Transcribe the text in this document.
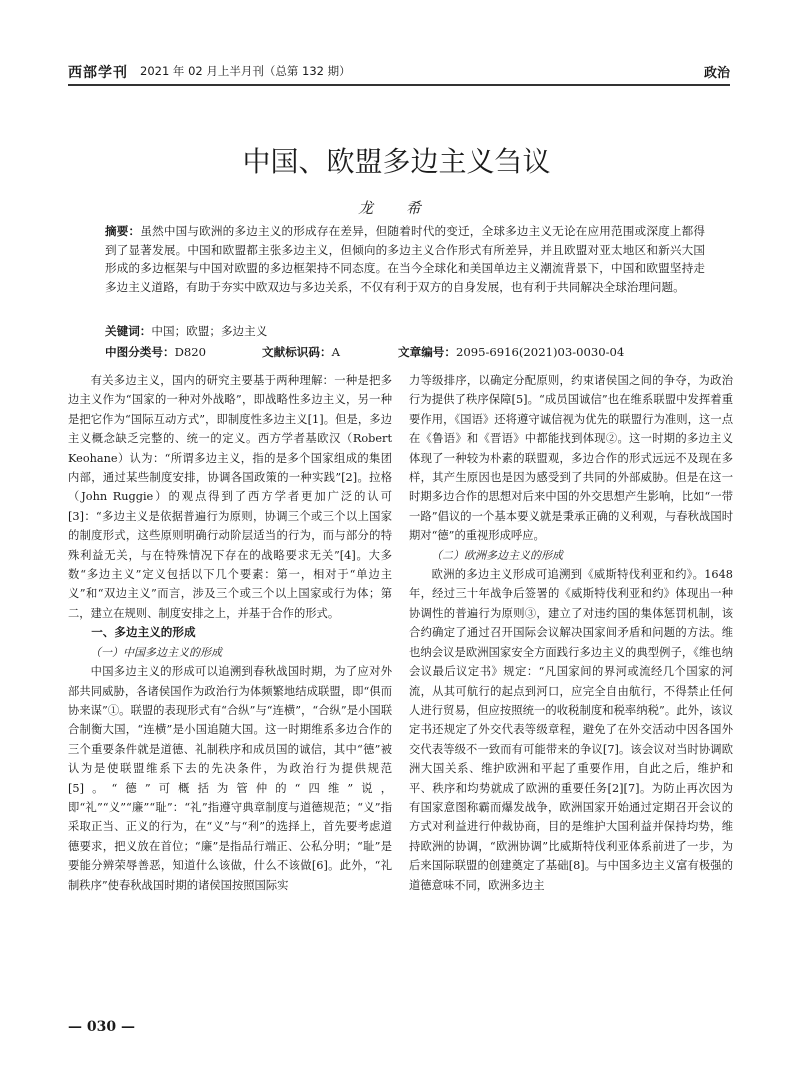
西部学刊 2021 年 02 月上半月刊（总第 132 期）	政治
中国、欧盟多边主义刍议
龙 希
摘要：虽然中国与欧洲的多边主义的形成存在差异，但随着时代的变迁，全球多边主义无论在应用范围或深度上都得到了显著发展。中国和欧盟都主张多边主义，但倾向的多边主义合作形式有所差异，并且欧盟对亚太地区和新兴大国形成的多边框架与中国对欧盟的多边框架持不同态度。在当今全球化和美国单边主义潮流背景下，中国和欧盟坚持走多边主义道路，有助于夯实中欧双边与多边关系，不仅有利于双方的自身发展，也有利于共同解决全球治理问题。
关键词：中国；欧盟；多边主义
中图分类号：D820	文献标识码：A	文章编号：2095-6916(2021)03-0030-04

有关多边主义，国内的研究主要基于两种理解：一种是把多边主义作为“国家的一种对外战略”，即战略性多边主义，另一种是把它作为“国际互动方式”，即制度性多边主义[1]。但是，多边主义概念缺乏完整的、统一的定义。西方学者基欧汉（Robert Keohane）认为：“所谓多边主义，指的是多个国家组成的集团内部，通过某些制度安排，协调各国政策的一种实践”[2]。拉格（John Ruggie）的观点得到了西方学者更加广泛的认可[3]：“多边主义是依据普遍行为原则，协调三个或三个以上国家的制度形式，这些原则明确行动阶层适当的行为，而与部分的特殊利益无关，与在特殊情况下存在的战略要求无关”[4]。大多数“多边主义”定义包括以下几个要素：第一，相对于“单边主义”和“双边主义”而言，涉及三个或三个以上国家或行为体；第二，建立在规则、制度安排之上，并基于合作的形式。

一、多边主义的形成
（一）中国多边主义的形成

中国多边主义的形成可以追溯到春秋战国时期，为了应对外部共同威胁，各诸侯国作为政治行为体频繁地结成联盟，即“俱而协来谋”①。联盟的表现形式有“合纵”与“连横”，“合纵”是小国联合制衡大国，“连横”是小国追随大国。这一时期维系多边合作的三个重要条件就是道德、礼制秩序和成员国的诚信，其中“德”被认为是使联盟维系下去的先决条件，为政治行为提供规范[5]。“德”可概括为管仲的“四维”说，即“礼”“义”“廉”“耻”：“礼”指遵守典章制度与道德规范；“义”指采取正当、正义的行为，在“义”与“利”的选择上，首先要考虑道德要求，把义放在首位；“廉”是指品行端正、公私分明；“耻”是要能分辨荣辱善恶，知道什么该做，什么不该做[6]。此外，“礼制秩序”使春秋战国时期的诸侯国按照国际实

力等级排序，以确定分配原则，约束诸侯国之间的争夺，为政治行为提供了秩序保障[5]。“成员国诚信”也在维系联盟中发挥着重要作用，《国语》还将遵守诚信视为优先的联盟行为准则，这一点在《鲁语》和《晋语》中都能找到体现②。这一时期的多边主义体现了一种较为朴素的联盟观，多边合作的形式远远不及现在多样，其产生原因也是因为感受到了共同的外部威胁。但是在这一时期多边合作的思想对后来中国的外交思想产生影响，比如“一带一路”倡议的一个基本要义就是秉承正确的义利观，与春秋战国时期对“德”的重视形成呼应。

（二）欧洲多边主义的形成

欧洲的多边主义形成可追溯到《威斯特伐利亚和约》。1648 年，经过三十年战争后签署的《威斯特伐利亚和约》体现出一种协调性的普遍行为原则③，建立了对违约国的集体惩罚机制，该合约确定了通过召开国际会议解决国家间矛盾和问题的方法。维也纳会议是欧洲国家安全方面践行多边主义的典型例子，《维也纳会议最后议定书》规定：“凡国家间的界河或流经几个国家的河流，从其可航行的起点到河口，应完全自由航行，不得禁止任何人进行贸易，但应按照统一的收税制度和税率纳税”。此外，该议定书还规定了外交代表等级章程，避免了在外交活动中因各国外交代表等级不一致而有可能带来的争议[7]。该会议对当时协调欧洲大国关系、维护欧洲和平起了重要作用，自此之后，维护和平、秩序和均势就成了欧洲的重要任务[2][7]。为防止再次因为有国家意图称霸而爆发战争，欧洲国家开始通过定期召开会议的方式对利益进行仲裁协商，目的是维护大国利益并保持均势，维持欧洲的协调，“欧洲协调”比威斯特伐利亚体系前进了一步，为后来国际联盟的创建奠定了基础[8]。与中国多边主义富有极强的道德意味不同，欧洲多边主

— 030 —
